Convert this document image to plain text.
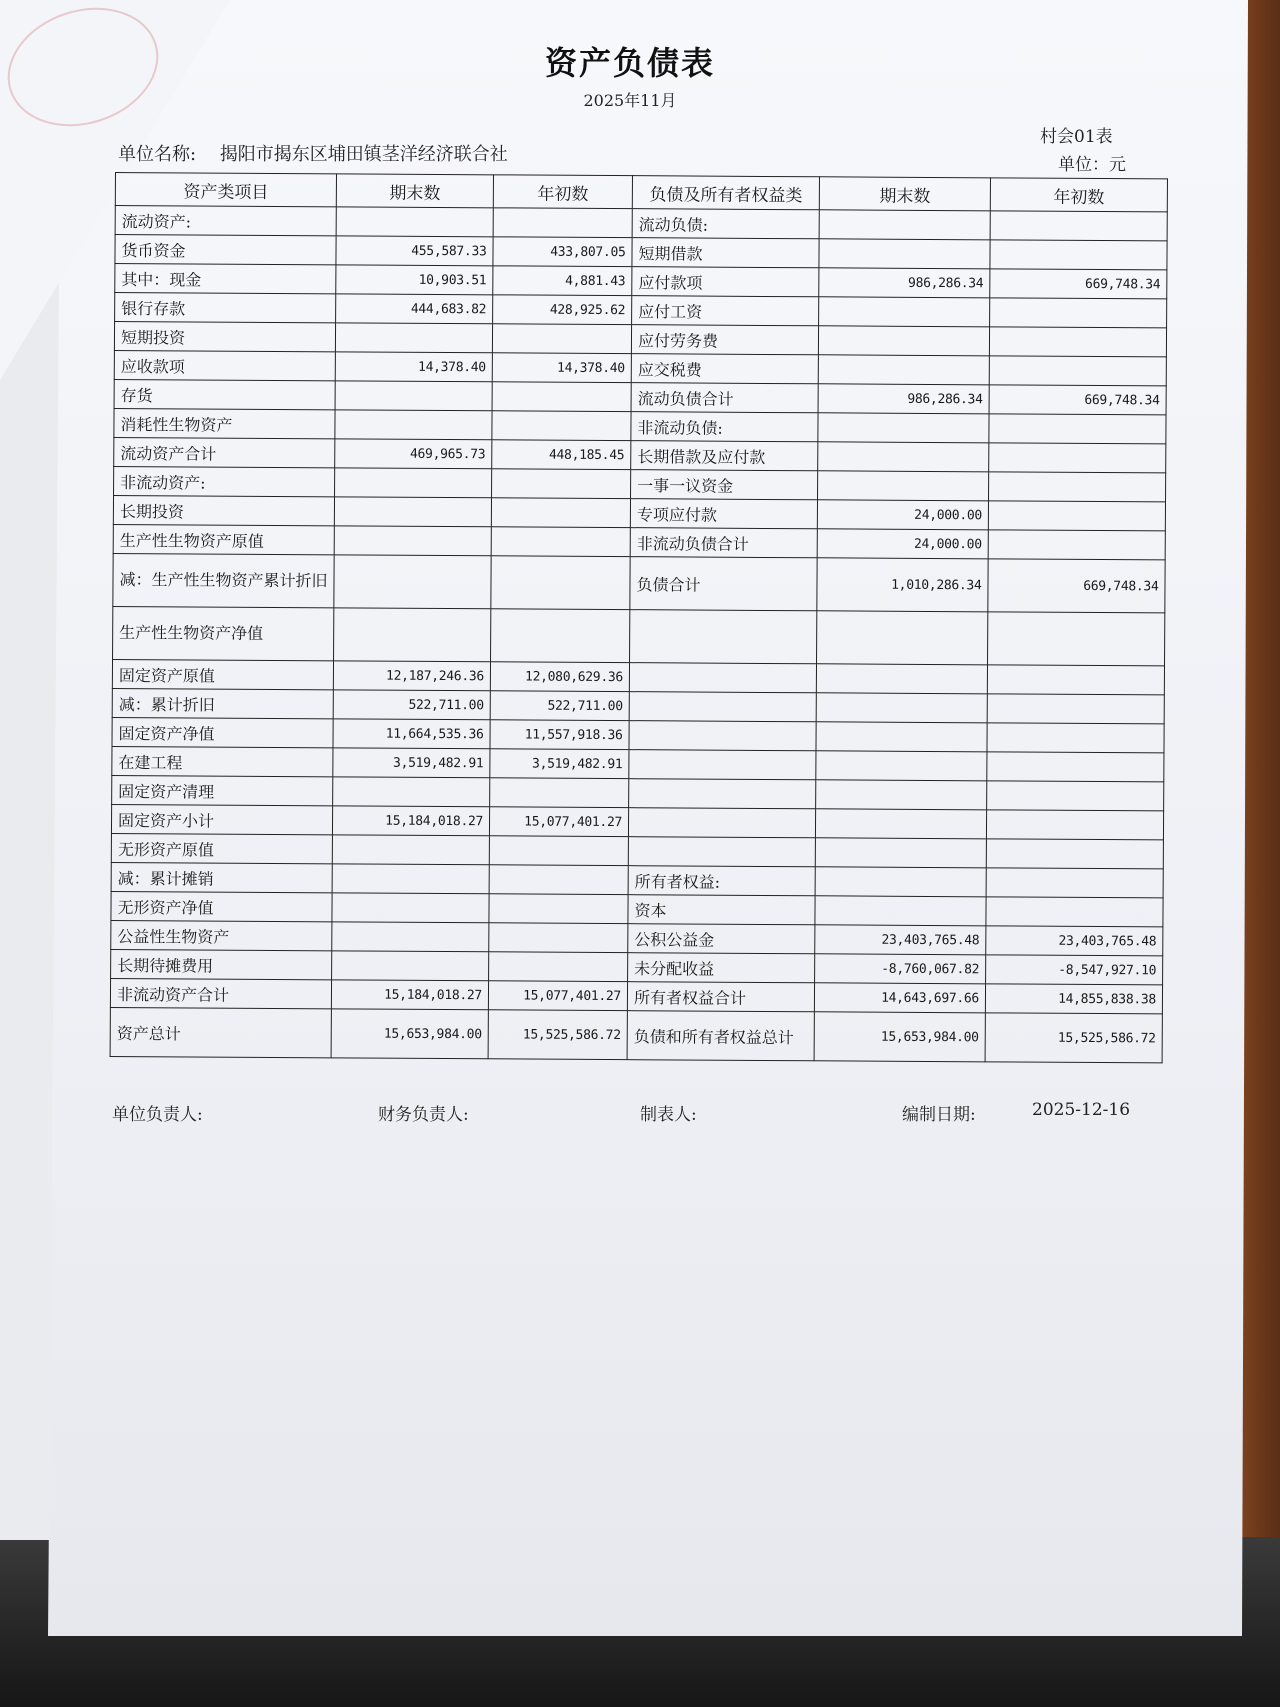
资产负债表
2025年11月
村会01表
单位：元
单位名称: 揭阳市揭东区埔田镇茎洋经济联合社
资产类项目	期末数	年初数	负债及所有者权益类	期末数	年初数
流动资产:			流动负债:		
货币资金	455,587.33	433,807.05	短期借款		
其中：现金	10,903.51	4,881.43	应付款项	986,286.34	669,748.34
银行存款	444,683.82	428,925.62	应付工资		
短期投资			应付劳务费		
应收款项	14,378.40	14,378.40	应交税费		
存货			流动负债合计	986,286.34	669,748.34
消耗性生物资产			非流动负债:		
流动资产合计	469,965.73	448,185.45	长期借款及应付款		
非流动资产:			一事一议资金		
长期投资			专项应付款	24,000.00	
生产性生物资产原值			非流动负债合计	24,000.00	
减：生产性生物资产累计折旧			负债合计	1,010,286.34	669,748.34
生产性生物资产净值					
固定资产原值	12,187,246.36	12,080,629.36			
减：累计折旧	522,711.00	522,711.00			
固定资产净值	11,664,535.36	11,557,918.36			
在建工程	3,519,482.91	3,519,482.91			
固定资产清理					
固定资产小计	15,184,018.27	15,077,401.27			
无形资产原值					
减：累计摊销			所有者权益:		
无形资产净值			资本		
公益性生物资产			公积公益金	23,403,765.48	23,403,765.48
长期待摊费用			未分配收益	-8,760,067.82	-8,547,927.10
非流动资产合计	15,184,018.27	15,077,401.27	所有者权益合计	14,643,697.66	14,855,838.38
资产总计	15,653,984.00	15,525,586.72	负债和所有者权益总计	15,653,984.00	15,525,586.72
单位负责人:	财务负责人:	制表人:	编制日期:	2025-12-16
